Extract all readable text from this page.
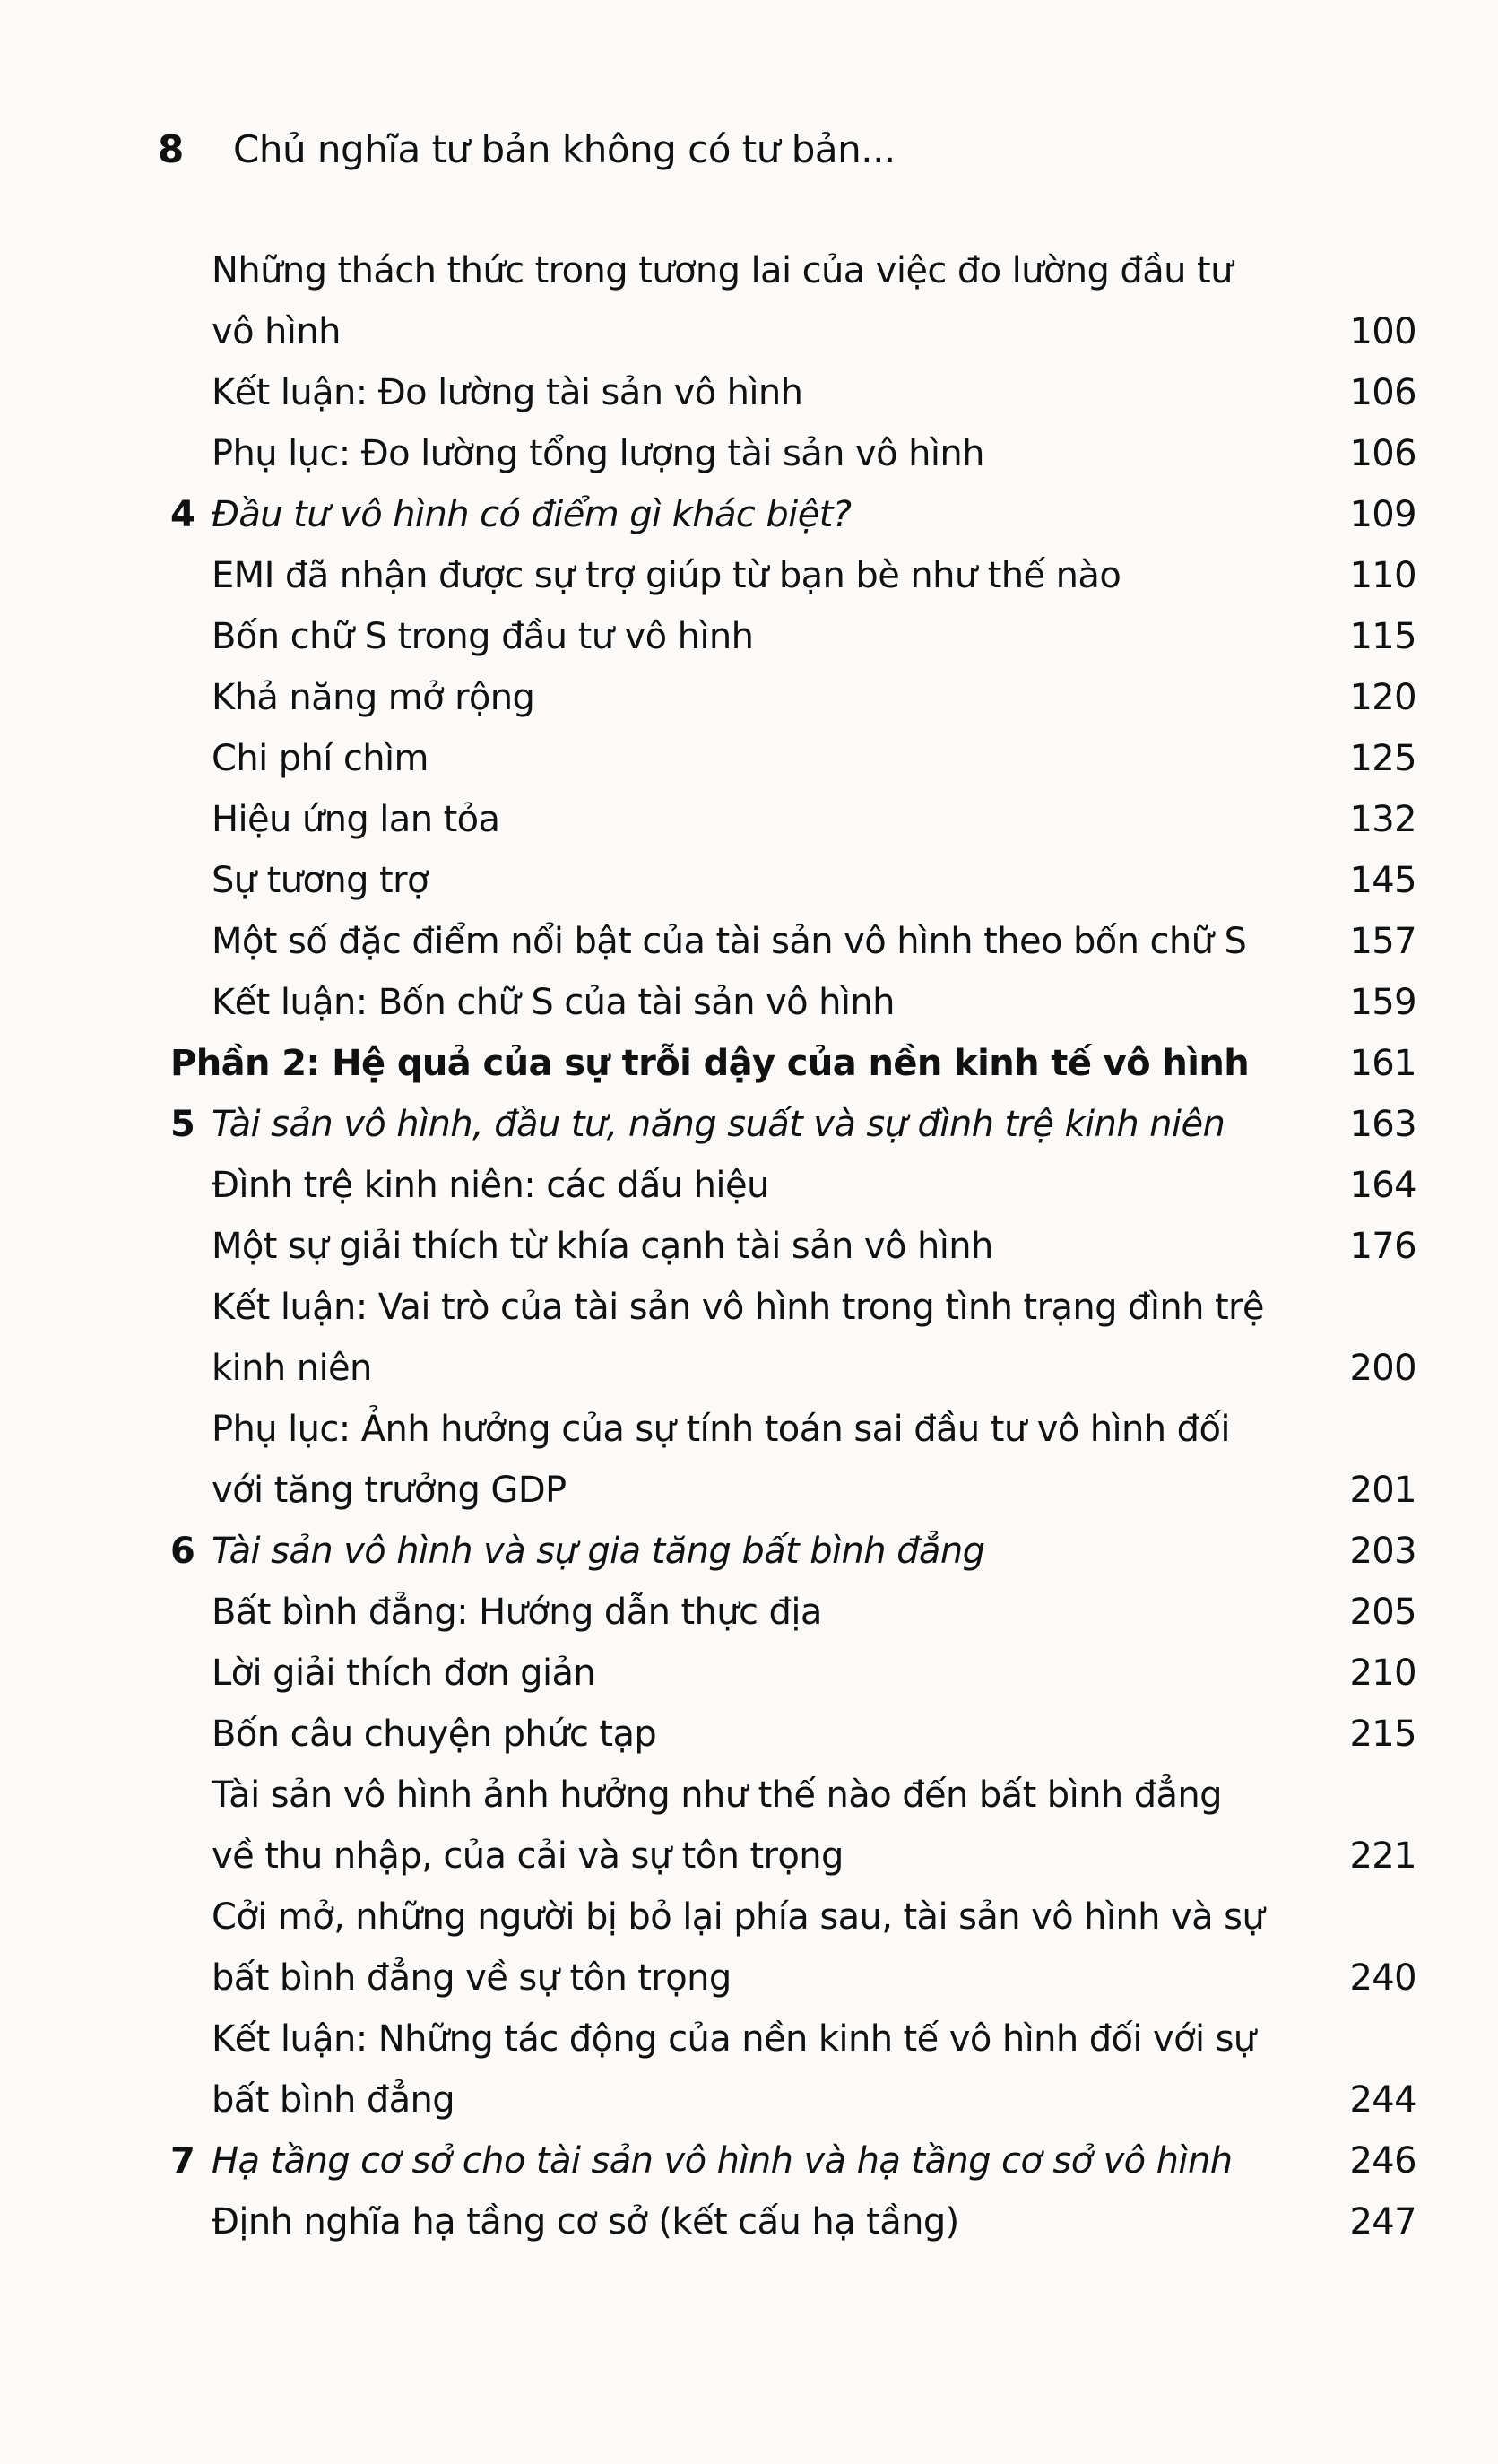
8	Chủ nghĩa tư bản không có tư bản...
Những thách thức trong tương lai của việc đo lường đầu tư
vô hình	100
Kết luận: Đo lường tài sản vô hình	106
Phụ lục: Đo lường tổng lượng tài sản vô hình	106
4 Đầu tư vô hình có điểm gì khác biệt?	109
EMI đã nhận được sự trợ giúp từ bạn bè như thế nào	110
Bốn chữ S trong đầu tư vô hình	115
Khả năng mở rộng	120
Chi phí chìm	125
Hiệu ứng lan tỏa	132
Sự tương trợ	145
Một số đặc điểm nổi bật của tài sản vô hình theo bốn chữ S	157
Kết luận: Bốn chữ S của tài sản vô hình	159
Phần 2: Hệ quả của sự trỗi dậy của nền kinh tế vô hình	161
5 Tài sản vô hình, đầu tư, năng suất và sự đình trệ kinh niên	163
Đình trệ kinh niên: các dấu hiệu	164
Một sự giải thích từ khía cạnh tài sản vô hình	176
Kết luận: Vai trò của tài sản vô hình trong tình trạng đình trệ
kinh niên	200
Phụ lục: Ảnh hưởng của sự tính toán sai đầu tư vô hình đối
với tăng trưởng GDP	201
6 Tài sản vô hình và sự gia tăng bất bình đẳng	203
Bất bình đẳng: Hướng dẫn thực địa	205
Lời giải thích đơn giản	210
Bốn câu chuyện phức tạp	215
Tài sản vô hình ảnh hưởng như thế nào đến bất bình đẳng
về thu nhập, của cải và sự tôn trọng	221
Cởi mở, những người bị bỏ lại phía sau, tài sản vô hình và sự
bất bình đẳng về sự tôn trọng	240
Kết luận: Những tác động của nền kinh tế vô hình đối với sự
bất bình đẳng	244
7 Hạ tầng cơ sở cho tài sản vô hình và hạ tầng cơ sở vô hình	246
Định nghĩa hạ tầng cơ sở (kết cấu hạ tầng)	247
